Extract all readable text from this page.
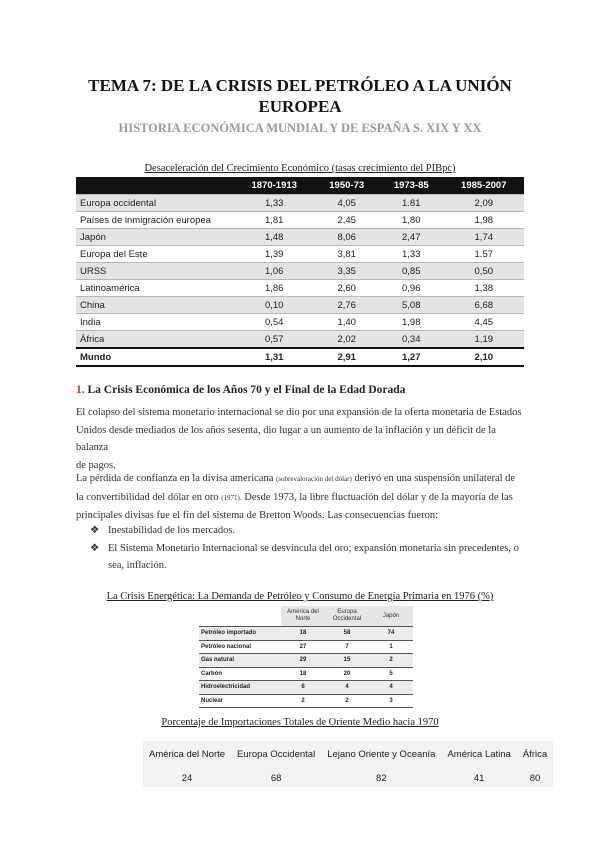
TEMA 7: DE LA CRISIS DEL PETRÓLEO A LA UNIÓN
EUROPEA
HISTORIA ECONÓMICA MUNDIAL Y DE ESPAÑA S. XIX Y XX
Desaceleración del Crecimiento Económico (tasas crecimiento del PIBpc)
	1870-1913	1950-73	1973-85	1985-2007
Europa occidental	1,33	4,05	1.81	2,09
Países de inmigración europea	1,81	2,45	1,80	1,98
Japón	1,48	8,06	2,47	1,74
Europa del Este	1,39	3,81	1,33	1.57
URSS	1,06	3,35	0,85	0,50
Latinoamérica	1,86	2,60	0,96	1,38
China	0,10	2,76	5,08	6,68
India	0,54	1,40	1,98	4,45
África	0,57	2,02	0,34	1,19
Mundo	1,31	2,91	1,27	2,10
1. La Crisis Económica de los Años 70 y el Final de la Edad Dorada
El colapso del sistema monetario internacional se dio por una expansión de la oferta monetaria de Estados
Unidos desde mediados de los años sesenta, dio lugar a un aumento de la inflación y un déficit de la balanza
de pagos.
La pérdida de confianza en la divisa americana (sobrevaloración del dólar) derivó en una suspensión unilateral de
la convertibilidad del dólar en oro (1971). Desde 1973, la libre fluctuación del dólar y de la mayoría de las
principales divisas fue el fin del sistema de Bretton Woods. Las consecuencias fueron:
❖ Inestabilidad de los mercados.
❖ El Sistema Monetario Internacional se desvincula del oro; expansión monetaria sin precedentes, o
sea, inflación.
La Crisis Energética: La Demanda de Petróleo y Consumo de Energía Primaria en 1976 (%)
	América del Norte	Europa Occidental	Japón
Petróleo importado	18	58	74
Petróleo nacional	27	7	1
Gas natural	29	15	2
Carbón	18	20	5
Hidroelectricidad	6	4	4
Nuclear	2	2	3
Porcentaje de Importaciones Totales de Oriente Medio hacia 1970
América del Norte	Europa Occidental	Lejano Oriente y Oceanía	América Latina	África
24	68	82	41	80
